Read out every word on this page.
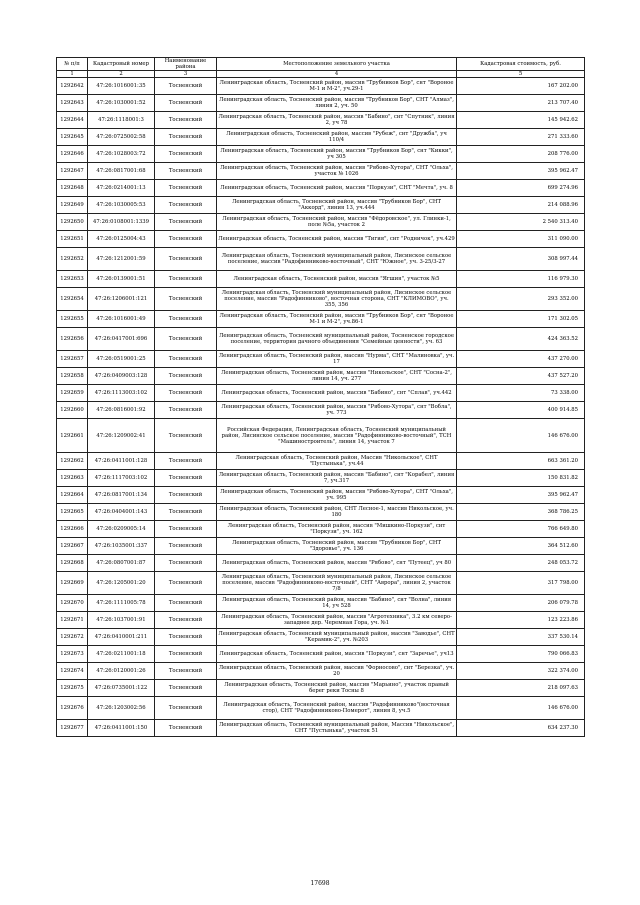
№ п/п	Кадастровый номер	Наименование района	Местоположение земельного участка	Кадастровая стоимость, руб.
1	2	3	4	5
1292642	47:26:1016001:35	Тосненский	Ленинградская область, Тосненский район, массив "Трубников Бор", снт "Вороное М-1 и М-2", уч.29-1	167 202.00
1292643	47:26:1030001:52	Тосненский	Ленинградская область, Тосненский район, массив "Трубников Бор", СНТ "Алмаз", линия 2, уч. 50	213 707.40
1292644	47:26:1118001:3	Тосненский	Ленинградская область, Тосненский район, массив "Бабино", снт "Спутник", линия 2, уч 78	145 942.62
1292645	47:26:0725002:58	Тосненский	Ленинградская область, Тосненский район, массив "Рубеж", снт "Дружба", уч 110/4	271 333.60
1292646	47:26:1028003:72	Тосненский	Ленинградская область, Тосненский район, массив "Трубников Бор", снт "Кикки", уч 305	208 776.00
1292647	47:26:0817001:68	Тосненский	Ленинградская область, Тосненский район, массив "Рябово-Хутора", СНТ "Ольха", участок № 1026	395 962.47
1292648	47:26:0214001:13	Тосненский	Ленинградская область, Тосненский район, массив "Поркузи", СНТ "Мечта", уч. 8	699 274.96
1292649	47:26:1030005:53	Тосненский	Ленинградская область, Тосненский район, массив "Трубников Бор", СНТ "Аккорд", линия 13, уч.444	214 088.96
1292650	47:26:0108001:1339	Тосненский	Ленинградская область, Тосненский район, массив "Фёдоровское", ул. Глинки-1, поле №5а, участок 2	2 540 313.40
1292651	47:26:0125004:43	Тосненский	Ленинградская область, Тосненский район, массив "Тигия", снт "Родничок", уч.429	311 090.00
1292652	47:26:1212001:59	Тосненский	Ленинградская область, Тосненский муниципальный район, Лисинское сельское поселение, массив "Радофинниково-восточный", СНТ "Южное", уч. 3-25/3-27	308 997.44
1292653	47:26:0139001:51	Тосненский	Ленинградская область, Тосненский район, массив "Ягшия", участок №5	116 979.30
1292654	47:26:1206001:121	Тосненский	Ленинградская область, Тосненский муниципальный район, Лисинское сельское поселение, массив "Радофинниково", восточная сторона, СНТ "КЛИМОВО", уч. 355, 356	293 352.00
1292655	47:26:1016001:49	Тосненский	Ленинградская область, Тосненский район, массив "Трубников Бор", снт "Вороное М-1 и М-2", уч.86-1	171 302.05
1292656	47:26:0417001:696	Тосненский	Ленинградская область, Тосненский муниципальный район, Тосненское городское поселение, территория дачного объединения "Семейные ценности", уч. 63	424 363.52
1292657	47:26:0519001:25	Тосненский	Ленинградская область, Тосненский район, массив "Нурма", СНТ "Малиновка", уч. 17	437 270.00
1292658	47:26:0409003:128	Тосненский	Ленинградская область, Тосненский район, массив "Никольское", СНТ "Сосна-2", линия 14, уч. 277	437 527.20
1292659	47:26:1113003:102	Тосненский	Ленинградская область, Тосненский район, массив "Бабино", снт "Сплав", уч.442	73 338.00
1292660	47:26:0816001:92	Тосненский	Ленинградская область, Тосненский район, массив "Рябово-Хутора", снт "Вобла", уч. 773	400 914.85
1292661	47:26:1209002:41	Тосненский	Российская Федерация, Ленинградская область, Тосненский муниципальный район, Лисинское сельское поселение, массив "Радофинниково-восточный", ТСН "Машиностроитель", линия 14, участок 7	146 676.00
1292662	47:26:0411001:128	Тосненский	Ленинградская область, Тосненский район, Массив "Никольское", СНТ "Пустынька", уч.44	663 361.20
1292663	47:26:1117003:102	Тосненский	Ленинградская область, Тосненский район, массив "Бабино", снт "Корабел", линия 7, уч.317	150 831.82
1292664	47:26:0817001:134	Тосненский	Ленинградская область, Тосненский район, массив "Рябово-Хутора", СНТ "Ольха", уч. 995	395 962.47
1292665	47:26:0404001:143	Тосненский	Ленинградская область, Тосненский район, СНТ Лесное-1, массив Никольское, уч. 180	368 786.25
1292666	47:26:0209005:14	Тосненский	Ленинградская область, Тосненский район, массив "Мишкино-Поркузи", снт "Поркузи", уч. 162	766 649.80
1292667	47:26:1035001:337	Тосненский	Ленинградская область, Тосненский район, массив "Трубников Бор", СНТ "Здоровье", уч. 136	364 512.60
1292668	47:26:0807001:87	Тосненский	Ленинградская область, Тосненский район, массив "Рябово", снт "Путеец", уч 80	248 053.72
1292669	47:26:1205001:20	Тосненский	Ленинградская область, Тосненский муниципальный район, Лисинское сельское поселение, массив "Радофинниково-восточный", СНТ "Аврора", линия 2, участок 7/8	317 798.00
1292670	47:26:1111005:78	Тосненский	Ленинградская область, Тосненский район, массив "Бабино", снт "Волна", линия 14, уч 528	206 079.78
1292671	47:26:1037001:91	Тосненский	Ленинградская область, Тосненский район, массив "Агротехника", 3.2 км северо-западнее дер. Черемная Гора, уч. №1	123 223.86
1292672	47:26:0410001:211	Тосненский	Ленинградская область, Тосненский муниципальный район, массив "Заводье", СНТ "Керамик-2", уч. №203	337 530.14
1292673	47:26:0211001:18	Тосненский	Ленинградская область, Тосненский район, массив "Поркузи", снт "Заречье", уч13	790 066.83
1292674	47:26:0120001:26	Тосненский	Ленинградская область, Тосненский район, массив "Форносово", снт "Березка", уч. 20	322 374.00
1292675	47:26:0735001:122	Тосненский	Ленинградская область, Тосненский район, массив "Марьино", участок правый берег реки Тосны 8	218 097.63
1292676	47:26:1203002:56	Тосненский	Ленинградская область, Тосненский район, массив "Радофинниково"(восточная стор), СНТ "Радофинниково-Померот", линия 8, уч.5	146 676.00
1292677	47:26:0411001:150	Тосненский	Ленинградская область, Тосненский муниципальный район, Массив "Никольское", СНТ "Пустынька", участок 51	634 237.30
17698
